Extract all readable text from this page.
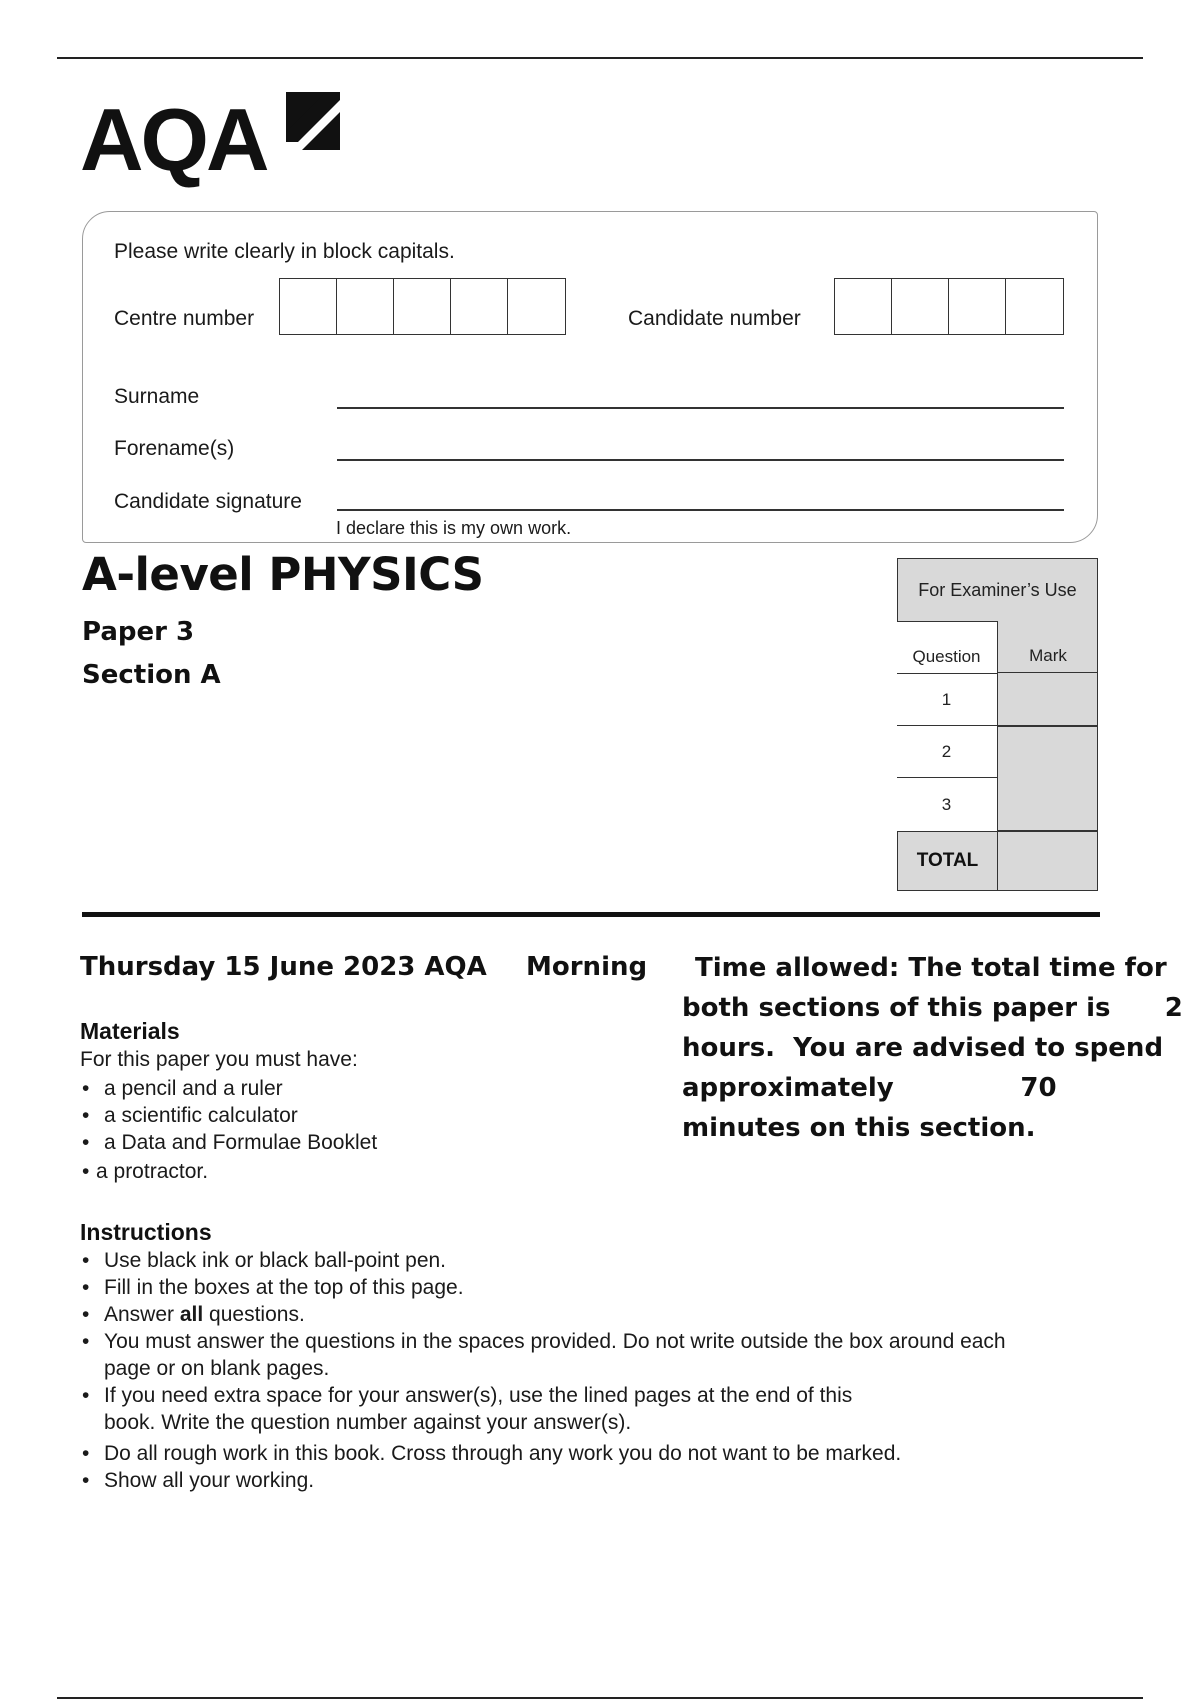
AQA
Please write clearly in block capitals.
Centre number	Candidate number
Surname
Forename(s)
Candidate signature
I declare this is my own work.
A-level PHYSICS
Paper 3
Section A
For Examiner’s Use
Question	Mark
1
2
3
TOTAL
Thursday 15 June 2023 AQA Morning	Time allowed: The total time for
both sections of this paper is      2
hours.  You are advised to spend
approximately              70
minutes on this section.
Materials
For this paper you must have:
• a pencil and a ruler
• a scientific calculator
• a Data and Formulae Booklet
• a protractor.
Instructions
• Use black ink or black ball-point pen.
• Fill in the boxes at the top of this page.
• Answer all questions.
• You must answer the questions in the spaces provided. Do not write outside the box around each page or on blank pages.
• If you need extra space for your answer(s), use the lined pages at the end of this book. Write the question number against your answer(s).
• Do all rough work in this book. Cross through any work you do not want to be marked.
• Show all your working.
